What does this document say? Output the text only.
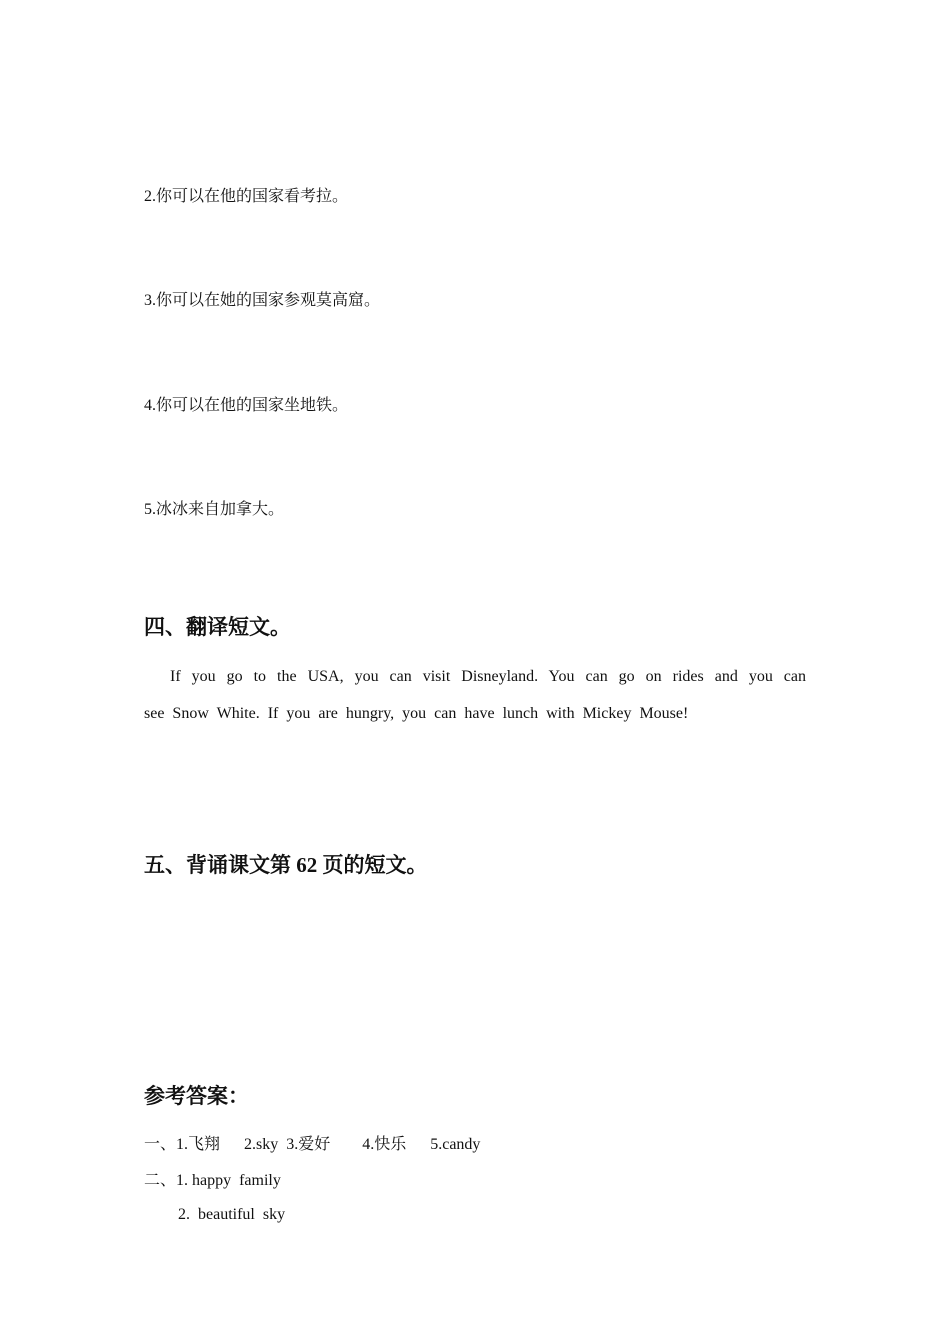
2.你可以在他的国家看考拉。
3.你可以在她的国家参观莫高窟。
4.你可以在他的国家坐地铁。
5.冰冰来自加拿大。
四、翻译短文。
If you go to the USA, you can visit Disneyland. You can go on rides and you can
see Snow White. If you are hungry, you can have lunch with Mickey Mouse!
五、背诵课文第 62 页的短文。
参考答案：
一、1.飞翔      2.sky  3.爱好        4.快乐      5.candy
二、1. happy  family
2.  beautiful  sky
